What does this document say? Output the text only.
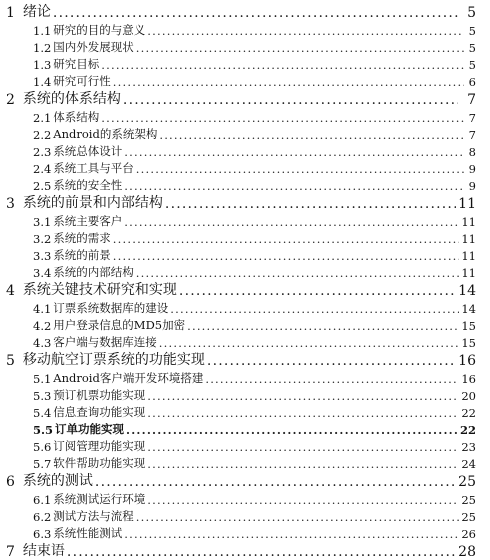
1 绪论 .....	5
1.1 研究的目的与意义 .....	5
1.2 国内外发展现状 .....	5
1.3 研究目标 .....	5
1.4 研究可行性 .....	6
2 系统的体系结构 .....	7
2.1 体系结构 .....	7
2.2 Android的系统架构 .....	7
2.3 系统总体设计 .....	8
2.4 系统工具与平台 .....	9
2.5 系统的安全性 .....	9
3 系统的前景和内部结构 .....	11
3.1 系统主要客户 .....	11
3.2 系统的需求 .....	11
3.3 系统的前景 .....	11
3.4 系统的内部结构 .....	11
4 系统关键技术研究和实现 .....	14
4.1 订票系统数据库的建设 .....	14
4.2 用户登录信息的MD5加密 .....	15
4.3 客户端与数据库连接 .....	15
5 移动航空订票系统的功能实现 .....	16
5.1 Android客户端开发环境搭建 .....	16
5.3 预订机票功能实现 .....	20
5.4 信息查询功能实现 .....	22
5.5 订单功能实现 .....	22
5.6 订阅管理功能实现 .....	23
5.7 软件帮助功能实现 .....	24
6 系统的测试 .....	25
6.1 系统测试运行环境 .....	25
6.2 测试方法与流程 .....	25
6.3 系统性能测试 .....	26
7 结束语 .....	28
